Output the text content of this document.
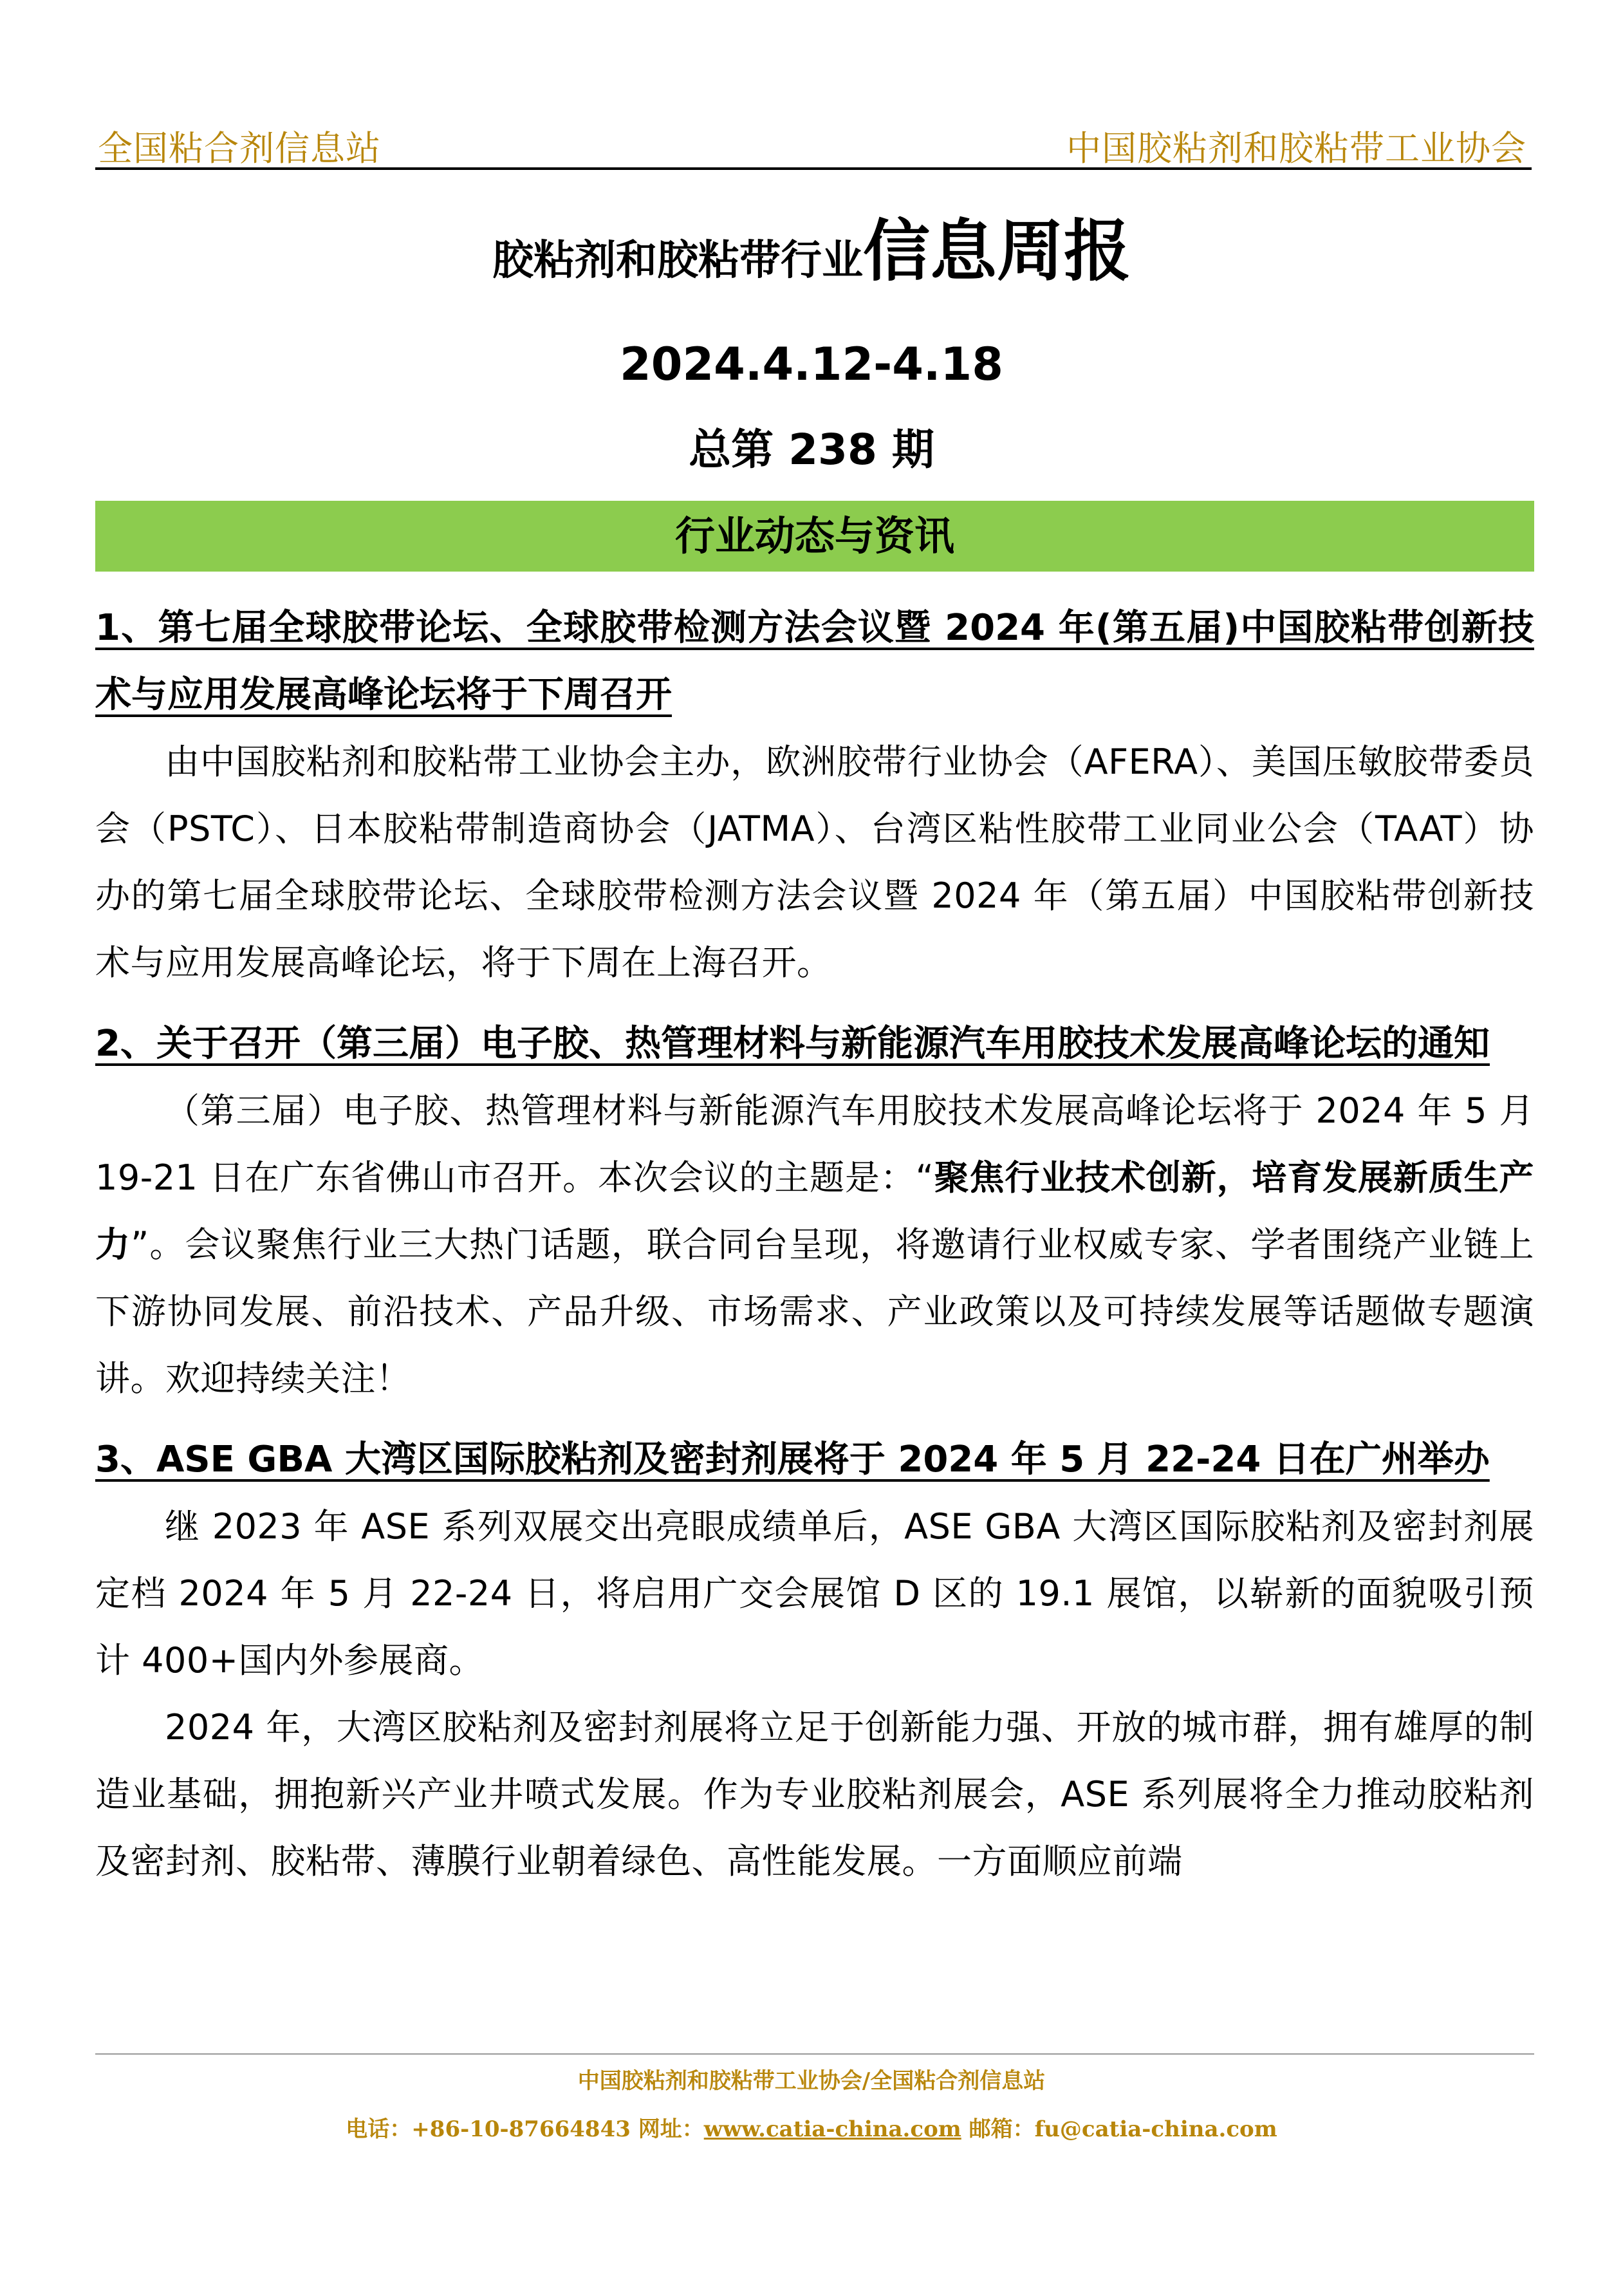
全国粘合剂信息站	中国胶粘剂和胶粘带工业协会
胶粘剂和胶粘带行业信息周报
2024.4.12-4.18
总第 238 期
行业动态与资讯

1、第七届全球胶带论坛、全球胶带检测方法会议暨 2024 年(第五届)中国胶粘带创新技术与应用发展高峰论坛将于下周召开

由中国胶粘剂和胶粘带工业协会主办，欧洲胶带行业协会（AFERA）、美国压敏胶带委员会（PSTC）、日本胶粘带制造商协会（JATMA）、台湾区粘性胶带工业同业公会（TAAT）协办的第七届全球胶带论坛、全球胶带检测方法会议暨 2024 年（第五届）中国胶粘带创新技术与应用发展高峰论坛，将于下周在上海召开。

2、关于召开（第三届）电子胶、热管理材料与新能源汽车用胶技术发展高峰论坛的通知

（第三届）电子胶、热管理材料与新能源汽车用胶技术发展高峰论坛将于 2024 年 5 月 19-21 日在广东省佛山市召开。本次会议的主题是：“聚焦行业技术创新，培育发展新质生产力”。会议聚焦行业三大热门话题，联合同台呈现，将邀请行业权威专家、学者围绕产业链上下游协同发展、前沿技术、产品升级、市场需求、产业政策以及可持续发展等话题做专题演讲。欢迎持续关注！

3、ASE GBA 大湾区国际胶粘剂及密封剂展将于 2024 年 5 月 22-24 日在广州举办

继 2023 年 ASE 系列双展交出亮眼成绩单后，ASE GBA 大湾区国际胶粘剂及密封剂展定档 2024 年 5 月 22-24 日，将启用广交会展馆 D 区的 19.1 展馆，以崭新的面貌吸引预计 400+国内外参展商。

2024 年，大湾区胶粘剂及密封剂展将立足于创新能力强、开放的城市群，拥有雄厚的制造业基础，拥抱新兴产业井喷式发展。作为专业胶粘剂展会，ASE 系列展将全力推动胶粘剂及密封剂、胶粘带、薄膜行业朝着绿色、高性能发展。一方面顺应前端

中国胶粘剂和胶粘带工业协会/全国粘合剂信息站
电话：+86-10-87664843 网址：www.catia-china.com 邮箱：fu@catia-china.com
